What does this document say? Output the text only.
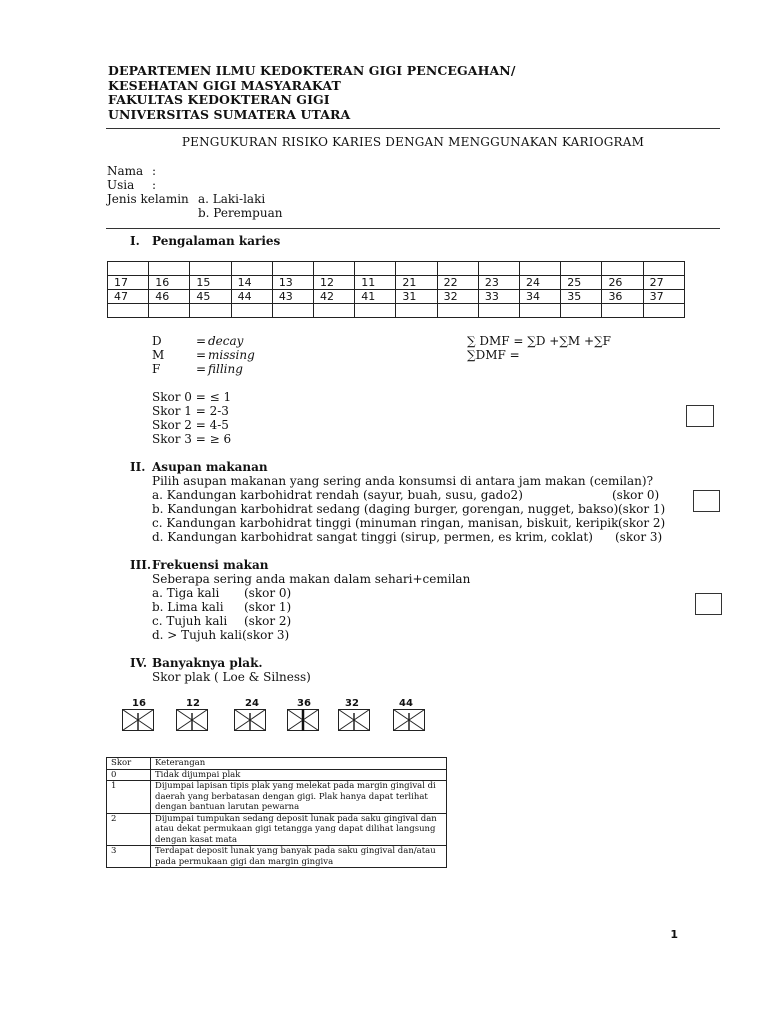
DEPARTEMEN ILMU KEDOKTERAN GIGI PENCEGAHAN/
KESEHATAN GIGI MASYARAKAT
FAKULTAS KEDOKTERAN GIGI
UNIVERSITAS SUMATERA UTARA
PENGUKURAN RISIKO KARIES DENGAN MENGGUNAKAN KARIOGRAM
Nama :
Usia :
Jenis kelamin a. Laki-laki
b. Perempuan
I. Pengalaman karies

17	16	15	14	13	12	11	21	22	23	24	25	26	27
47	46	45	44	43	42	41	31	32	33	34	35	36	37

D	= decay
M	= missing
F	= filling
∑ DMF = ∑D +∑M +∑F
∑DMF =
Skor 0 = ≤ 1
Skor 1 = 2-3
Skor 2 = 4-5
Skor 3 = ≥ 6
II. Asupan makanan
Pilih asupan makanan yang sering anda konsumsi di antara jam makan (cemilan)?
a. Kandungan karbohidrat rendah (sayur, buah, susu, gado2)	(skor 0)
b. Kandungan karbohidrat sedang (daging burger, gorengan, nugget, bakso) (skor 1)
c. Kandungan karbohidrat tinggi (minuman ringan, manisan, biskuit, keripik (skor 2)
d. Kandungan karbohidrat sangat tinggi (sirup, permen, es krim, coklat) (skor 3)
III. Frekuensi makan
Seberapa sering anda makan dalam sehari+cemilan
a. Tiga kali (skor 0)
b. Lima kali (skor 1)
c. Tujuh kali (skor 2)
d. > Tujuh kali (skor 3)
IV. Banyaknya plak.
Skor plak ( Loe & Silness)
16	12	24	36	32	44
Skor	Keterangan
0	Tidak dijumpai plak
1	Dijumpai lapisan tipis plak yang melekat pada margin gingival di daerah yang berbatasan dengan gigi. Plak hanya dapat terlihat dengan bantuan larutan pewarna
2	Dijumpai tumpukan sedang deposit lunak pada saku gingival dan atau dekat permukaan gigi tetangga yang dapat dilihat langsung dengan kasat mata
3	Terdapat deposit lunak yang banyak pada saku gingival dan/atau pada permukaan gigi dan margin gingiva
1
